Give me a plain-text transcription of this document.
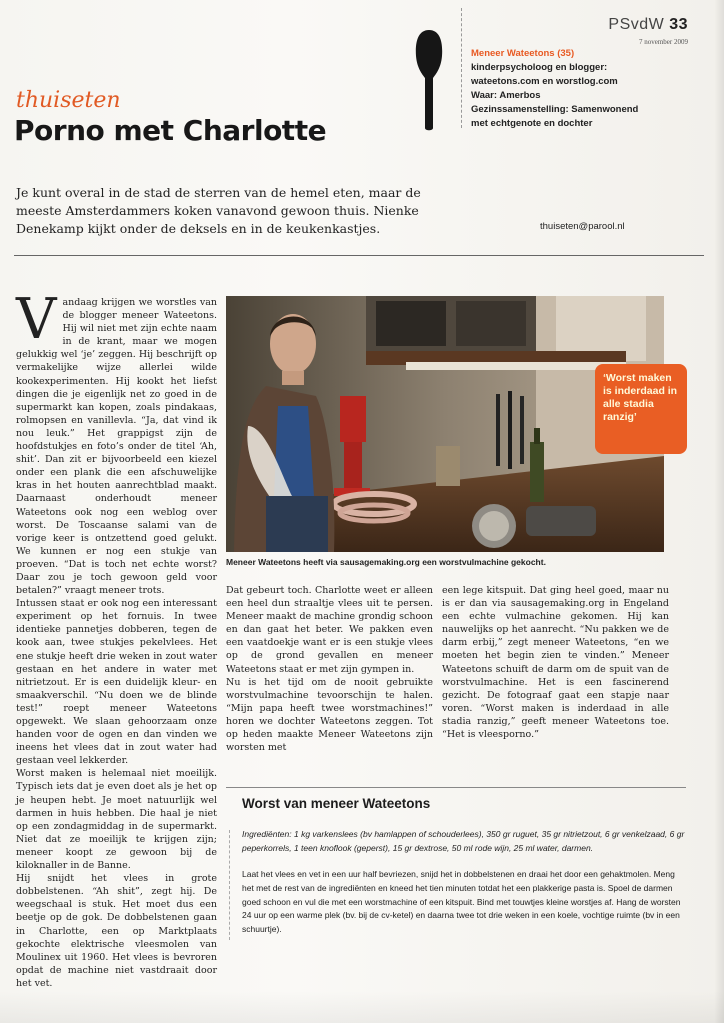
PSvdW 33
7 november 2009
Meneer Wateetons (35)
kinderpsycholoog en blogger:
wateetons.com en worstlog.com
Waar: Amerbos
Gezinssamenstelling: Samenwonend
met echtgenote en dochter
thuiseten
Porno met Charlotte
Je kunt overal in de stad de sterren van de hemel eten, maar de meeste Amsterdammers koken vanavond gewoon thuis. Nienke Denekamp kijkt onder de deksels en in de keukenkastjes.	thuiseten@parool.nl

Vandaag krijgen we worstles van de blogger meneer Wateetons. Hij wil niet met zijn echte naam in de krant, maar we mogen gelukkig wel ‘je’ zeggen. Hij beschrijft op vermakelijke wijze allerlei wilde kookexperimenten. Hij kookt het liefst dingen die je eigenlijk net zo goed in de supermarkt kan kopen, zoals pindakaas, rolmopsen en vanillevla. “Ja, dat vind ik nou leuk.” Het grappigst zijn de hoofdstukjes en foto’s onder de titel ‘Ah, shit’. Dan zit er bijvoorbeeld een kiezel onder een plank die een afschuwelijke kras in het houten aanrechtblad maakt. Daarnaast onderhoudt meneer Wateetons ook nog een weblog over worst. De Toscaanse salami van de vorige keer is ontzettend goed gelukt. We kunnen er nog een stukje van proeven. “Dat is toch net echte worst? Daar zou je toch gewoon geld voor betalen?” vraagt meneer trots.

Intussen staat er ook nog een interessant experiment op het fornuis. In twee identieke pannetjes dobberen, tegen de kook aan, twee stukjes pekelvlees. Het ene stukje heeft drie weken in zout water gestaan en het andere in water met nitrietzout. Er is een duidelijk kleur- en smaakverschil. “Nu doen we de blinde test!” roept meneer Wateetons opgewekt. We slaan gehoorzaam onze handen voor de ogen en dan vinden we ineens het vlees dat in zout water had gestaan veel lekkerder.

Worst maken is helemaal niet moeilijk. Typisch iets dat je even doet als je het op je heupen hebt. Je moet natuurlijk wel darmen in huis hebben. Die haal je niet op een zondagmiddag in de supermarkt. Niet dat ze moeilijk te krijgen zijn; meneer koopt ze gewoon bij de kiloknaller in de Banne.

Hij snijdt het vlees in grote dobbelstenen. “Ah shit”, zegt hij. De weegschaal is stuk. Het moet dus een beetje op de gok. De dobbelstenen gaan in Charlotte, een op Marktplaats gekochte elektrische vleesmolen van Moulinex uit 1960. Het vlees is bevroren opdat de machine niet vastdraait door het vet.

Meneer Wateetons heeft via sausagemaking.org een worstvulmachine gekocht.
‘Worst maken is inderdaad in alle stadia ranzig’

Dat gebeurt toch. Charlotte weet er alleen een heel dun straaltje vlees uit te persen. Meneer maakt de machine grondig schoon en dan gaat het beter. We pakken even een vaatdoekje want er is een stukje vlees op de grond gevallen en meneer Wateetons staat er met zijn gympen in.

Nu is het tijd om de nooit gebruikte worstvulmachine tevoorschijn te halen. “Mijn papa heeft twee worstmachines!” horen we dochter Wateetons zeggen. Tot op heden maakte Meneer Wateetons zijn worsten met

een lege kitspuit. Dat ging heel goed, maar nu is er dan via sausagemaking.org in Engeland een echte vulmachine gekomen. Hij kan nauwelijks op het aanrecht. “Nu pakken we de darm erbij,” zegt meneer Wateetons, “en we moeten het begin zien te vinden.” Meneer Wateetons schuift de darm om de spuit van de worstvulmachine. Het is een fascinerend gezicht. De fotograaf gaat een stapje naar voren. “Worst maken is inderdaad in alle stadia ranzig,” geeft meneer Wateetons toe. “Het is vleesporno.”

Worst van meneer Wateetons
Ingrediënten: 1 kg varkenslees (bv hamlappen of schouderlees), 350 gr ruguet, 35 gr nitrietzout, 6 gr venkelzaad, 6 gr peperkorrels, 1 teen knoflook (geperst), 15 gr dextrose, 50 ml rode wijn, 25 ml water, darmen.
Laat het vlees en vet in een uur half bevriezen, snijd het in dobbelstenen en draai het door een gehaktmolen. Meng het met de rest van de ingrediënten en kneed het tien minuten totdat het een plakkerige pasta is. Spoel de darmen goed schoon en vul die met een worstmachine of een kitspuit. Bind met touwtjes kleine worstjes af. Hang de worsten 24 uur op een warme plek (bv. bij de cv-ketel) en daarna twee tot drie weken in een koele, vochtige ruimte (bv in een schuurtje).
